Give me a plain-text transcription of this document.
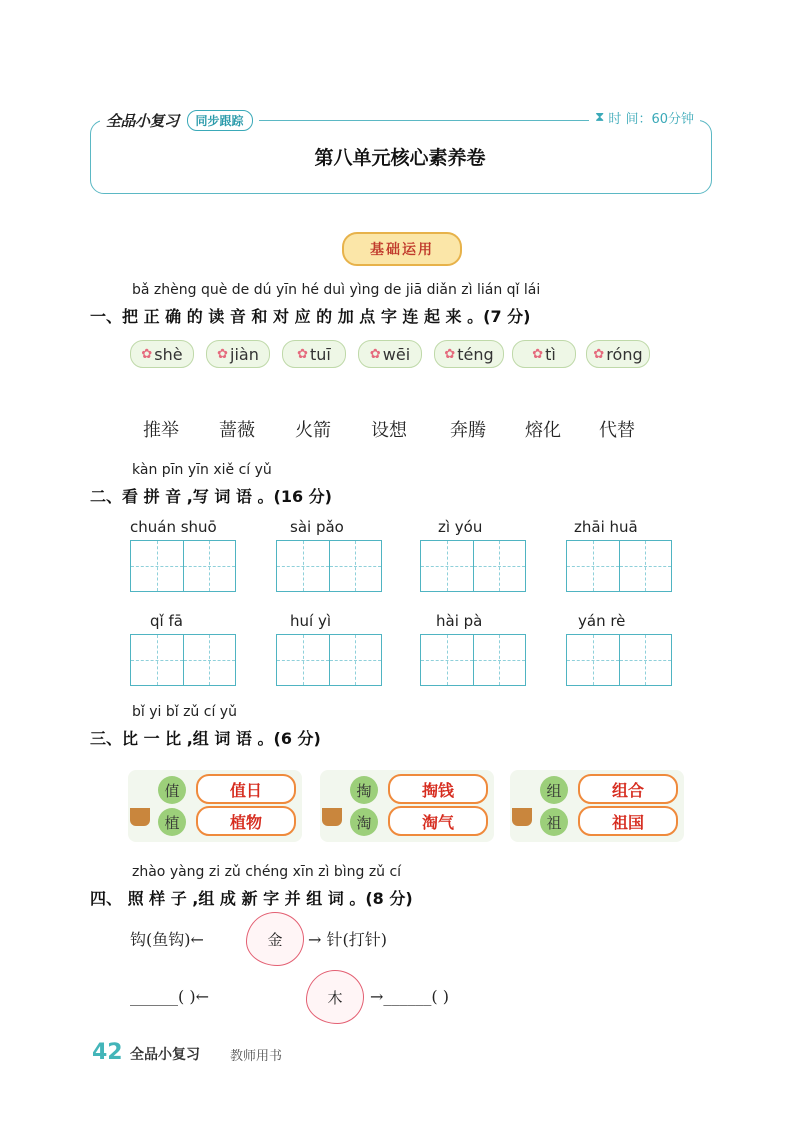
全品小复习	同步跟踪	⧗ 时 间：60分钟
第八单元核心素养卷
基础运用
bǎ zhèng què de dú yīn hé duì yìng de jiā diǎn zì lián qǐ lái
一、把 正 确 的 读 音 和 对 应 的 加 点 字 连 起 来 。(7 分)
✿ shè	✿ jiàn	✿ tuī	✿ wēi	✿ téng	✿ tì	✿ róng
推举	蔷薇	火箭	设想	奔腾	熔化	代替
kàn pīn yīn xiě cí yǔ
二、看 拼 音 ,写 词 语 。(16 分)
chuán shuō	sài pǎo	zì yóu	zhāi huā
qǐ fā	huí yì	hài pà	yán rè
bǐ yi bǐ zǔ cí yǔ
三、比 一 比 ,组 词 语 。(6 分)
值
植
值日
植物
掏
淘
掏钱
淘气
组
祖
组合
祖国
zhào yàng zi zǔ chéng xīn zì bìng zǔ cí
四、 照 样 子 ,组 成 新 字 并 组 词 。(8 分)
钩(鱼钩)←	金	→ 针(打针)
______( )←	木	→______( )
42 全品小复习 教师用书
